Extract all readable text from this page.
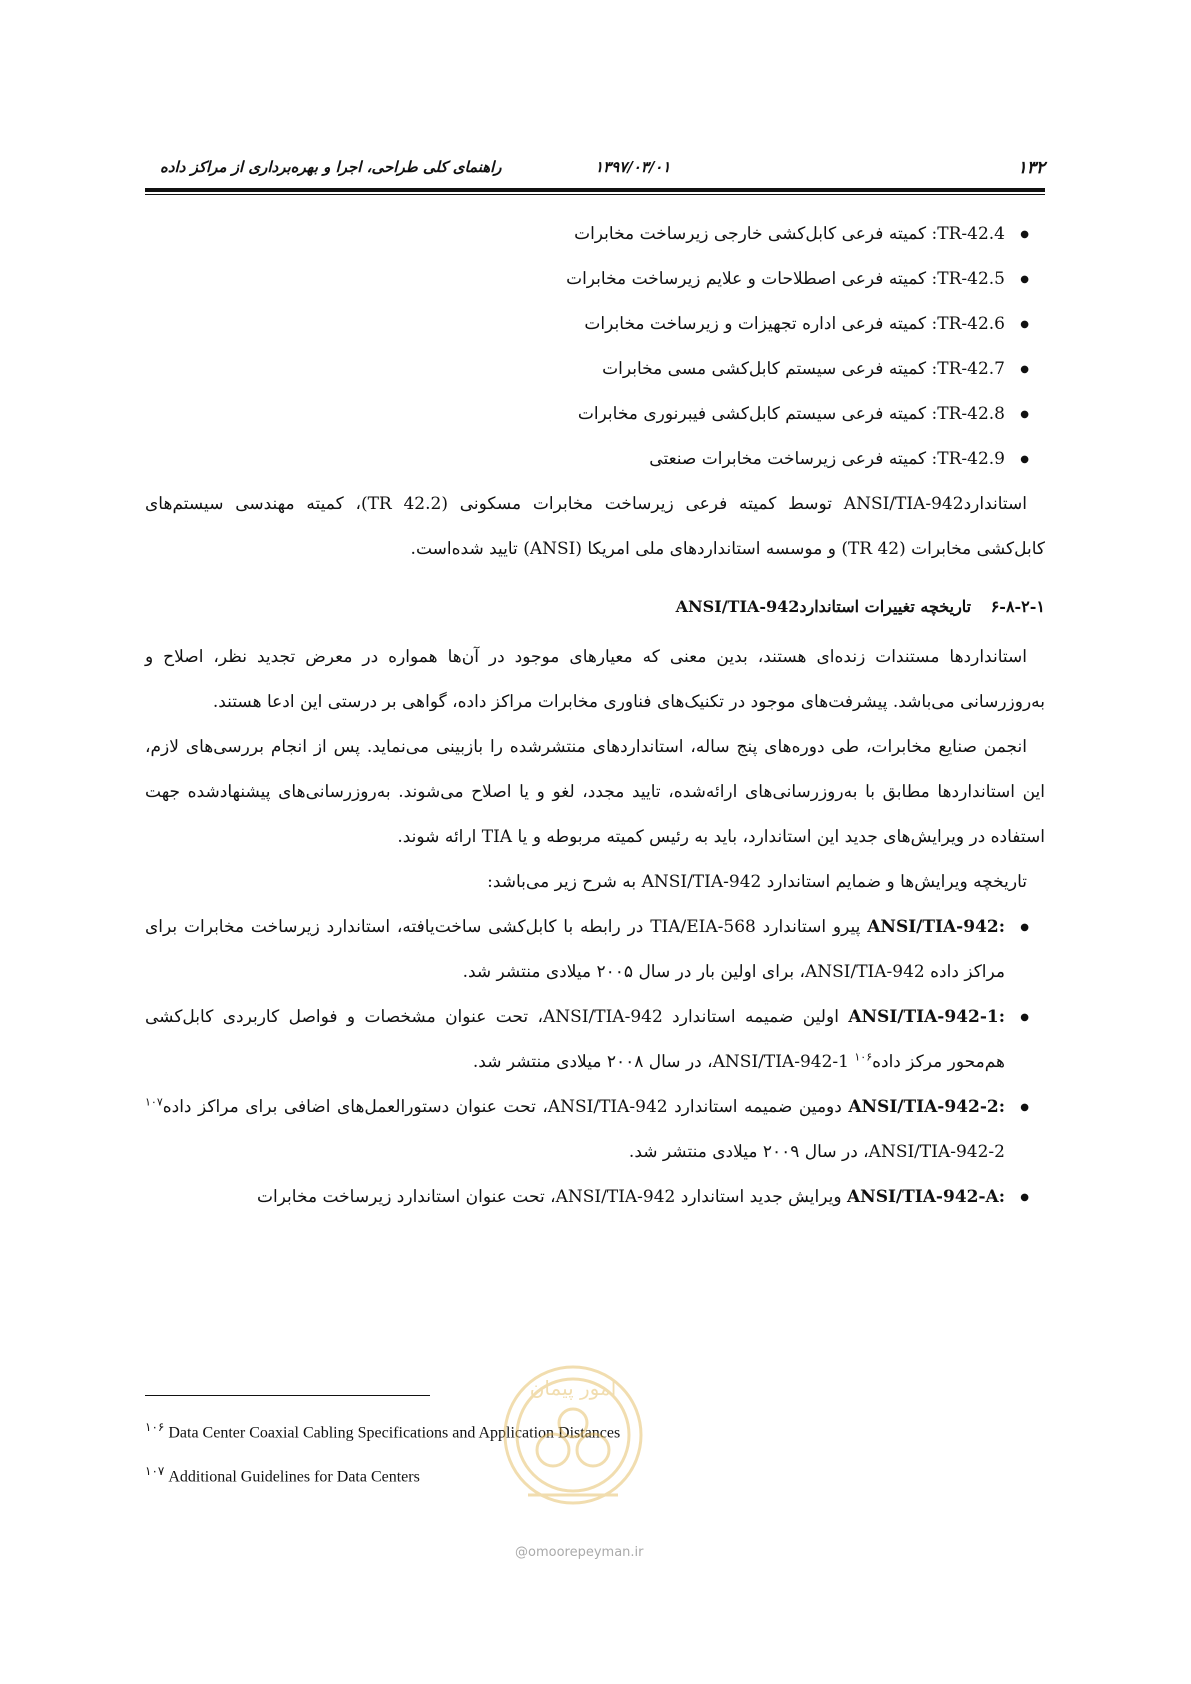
۱۳۲
۱۳۹۷/۰۳/۰۱
راهنمای کلی طراحی، اجرا و بهره‌برداری از مراکز داده
● TR-42.4: کمیته فرعی کابل‌کشی خارجی زیرساخت مخابرات
● TR-42.5: کمیته فرعی اصطلاحات و علایم زیرساخت مخابرات
● TR-42.6: کمیته فرعی اداره تجهیزات و زیرساخت مخابرات
● TR-42.7: کمیته فرعی سیستم کابل‌کشی مسی مخابرات
● TR-42.8: کمیته فرعی سیستم کابل‌کشی فیبرنوری مخابرات
● TR-42.9: کمیته فرعی زیرساخت مخابرات صنعتی

استانداردANSI/TIA-942 توسط کمیته فرعی زیرساخت مخابرات مسکونی (TR 42.2)، کمیته مهندسی سیستم‌های کابل‌کشی مخابرات (TR 42) و موسسه استانداردهای ملی امریکا (ANSI) تایید شده‌است.

۶-۸-۲-۱ تاریخچه تغییرات استانداردANSI/TIA-942

استانداردها مستندات زنده‌ای هستند، بدین معنی که معیارهای موجود در آن‌ها همواره در معرض تجدید نظر، اصلاح و به‌روزرسانی می‌باشد. پیشرفت‌های موجود در تکنیک‌های فناوری مخابرات مراکز داده، گواهی بر درستی این ادعا هستند.

انجمن صنایع مخابرات، طی دوره‌های پنج ساله، استانداردهای منتشرشده را بازبینی می‌نماید. پس از انجام بررسی‌های لازم، این استانداردها مطابق با به‌روزرسانی‌های ارائه‌شده، تایید مجدد، لغو و یا اصلاح می‌شوند. به‌روزرسانی‌های پیشنهادشده جهت استفاده در ویرایش‌های جدید این استاندارد، باید به رئیس کمیته مربوطه و یا TIA ارائه شوند.

تاریخچه ویرایش‌ها و ضمایم استاندارد ANSI/TIA-942 به شرح زیر می‌باشد:

● ANSI/TIA-942: پیرو استاندارد TIA/EIA-568 در رابطه با کابل‌کشی ساخت‌یافته، استاندارد زیرساخت مخابرات برای مراکز داده ANSI/TIA-942، برای اولین بار در سال ۲۰۰۵ میلادی منتشر شد.
● ANSI/TIA-942-1: اولین ضمیمه استاندارد ANSI/TIA-942، تحت عنوان مشخصات و فواصل کاربردی کابل‌کشی هم‌محور مرکز داده$^{۱۰۶}$ ANSI/TIA-942-1، در سال ۲۰۰۸ میلادی منتشر شد.
● ANSI/TIA-942-2: دومین ضمیمه استاندارد ANSI/TIA-942، تحت عنوان دستورالعمل‌های اضافی برای مراکز داده$^{۱۰۷}$ ANSI/TIA-942-2، در سال ۲۰۰۹ میلادی منتشر شد.
● ANSI/TIA-942-A: ویرایش جدید استاندارد ANSI/TIA-942، تحت عنوان استاندارد زیرساخت مخابرات
$^{۱۰۶}$ Data Center Coaxial Cabling Specifications and Application Distances
$^{۱۰۷}$ Additional Guidelines for Data Centers
امور پیمان
@omoorepeyman.ir
